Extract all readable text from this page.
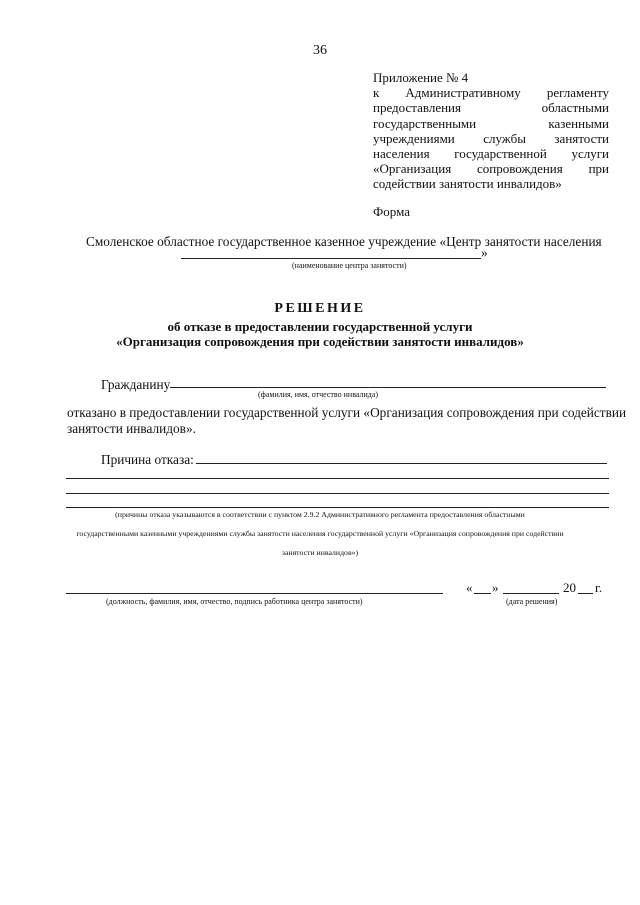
36
Приложение № 4
к Административному регламенту
предоставления	областными
государственными	казенными
учреждениями службы занятости
населения государственной услуги
«Организация сопровождения при
содействии занятости инвалидов»
Форма
Смоленское областное государственное казенное учреждение «Центр занятости населения
»
(наименование центра занятости)
РЕШЕНИЕ
об отказе в предоставлении государственной услуги
«Организация сопровождения при содействии занятости инвалидов»
Гражданину
(фамилия, имя, отчество инвалида)
отказано в предоставлении государственной услуги «Организация сопровождения при содействии
занятости инвалидов».
Причина отказа:
(причины отказа указываются в соответствии с пунктом 2.9.2 Административного регламента предоставления областными
государственными казенными учреждениями службы занятости населения государственной услуги «Организация сопровождения при содействии
занятости инвалидов»)
(должность, фамилия, имя, отчество, подпись работника центра занятости)
« »	20 г.
(дата решения)
